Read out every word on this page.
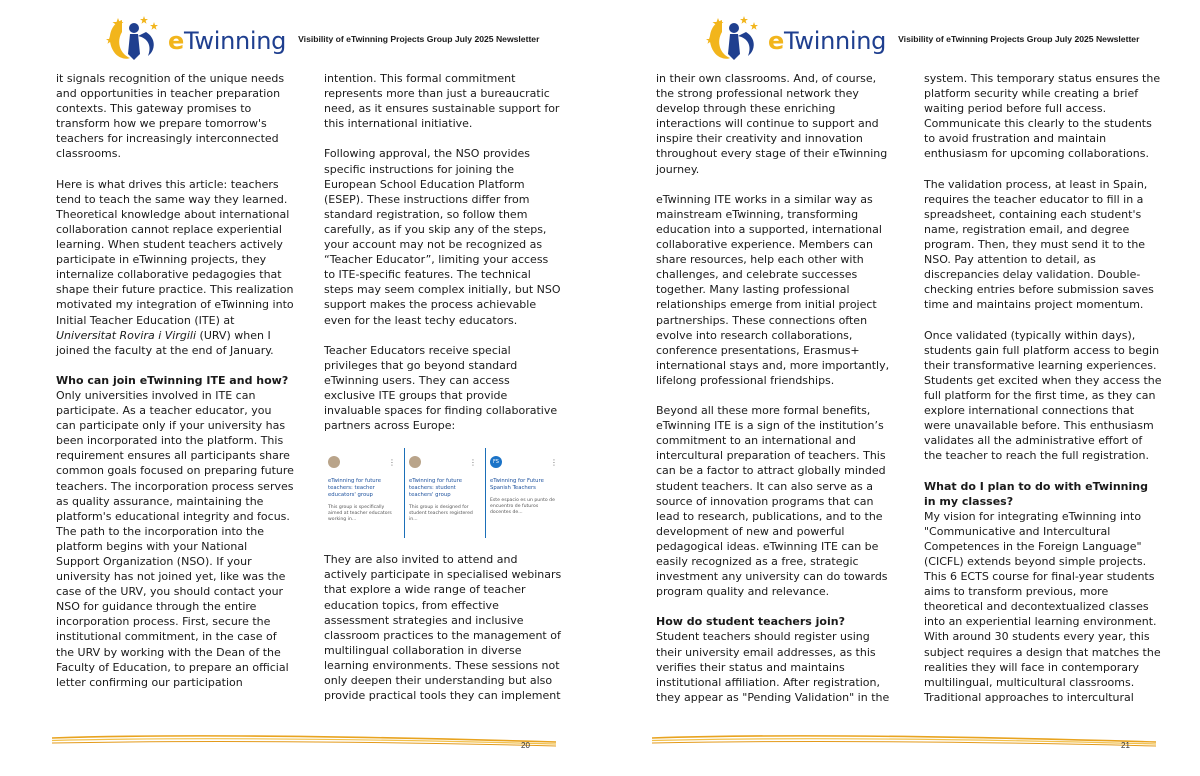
eTwinning Visibility of eTwinning Projects Group July 2025 Newsletter

it signals recognition of the unique needs and opportunities in teacher preparation contexts. This gateway promises to transform how we prepare tomorrow's teachers for increasingly interconnected classrooms.

Here is what drives this article: teachers tend to teach the same way they learned. Theoretical knowledge about international collaboration cannot replace experiential learning. When student teachers actively participate in eTwinning projects, they internalize collaborative pedagogies that shape their future practice. This realization motivated my integration of eTwinning into Initial Teacher Education (ITE) at Universitat Rovira i Virgili (URV) when I joined the faculty at the end of January.

Who can join eTwinning ITE and how?

Only universities involved in ITE can participate. As a teacher educator, you can participate only if your university has been incorporated into the platform. This requirement ensures all participants share common goals focused on preparing future teachers. The incorporation process serves as quality assurance, maintaining the platform's educational integrity and focus. The path to the incorporation into the platform begins with your National Support Organization (NSO). If your university has not joined yet, like was the case of the URV, you should contact your NSO for guidance through the entire incorporation process. First, secure the institutional commitment, in the case of the URV by working with the Dean of the Faculty of Education, to prepare an official letter confirming our participation

intention. This formal commitment represents more than just a bureaucratic need, as it ensures sustainable support for this international initiative.

Following approval, the NSO provides specific instructions for joining the European School Education Platform (ESEP). These instructions differ from standard registration, so follow them carefully, as if you skip any of the steps, your account may not be recognized as “Teacher Educator”, limiting your access to ITE-specific features. The technical steps may seem complex initially, but NSO support makes the process achievable even for the least techy educators.

Teacher Educators receive special privileges that go beyond standard eTwinning users. They can access exclusive ITE groups that provide invaluable spaces for finding collaborative partners across Europe:

⋮
eTwinning for future teachers: teacher educators' group
This group is specifically aimed at teacher educators working in...
⋮
eTwinning for future teachers: student teachers' group
This group is designed for student teachers registered in...
FS	⋮
eTwinning for Future Spanish Teachers
Este espacio es un punto de encuentro de futuros docentes de...

They are also invited to attend and actively participate in specialised webinars that explore a wide range of teacher education topics, from effective assessment strategies and inclusive classroom practices to the management of multilingual collaboration in diverse learning environments. These sessions not only deepen their understanding but also provide practical tools they can implement

20
eTwinning Visibility of eTwinning Projects Group July 2025 Newsletter

in their own classrooms. And, of course, the strong professional network they develop through these enriching interactions will continue to support and inspire their creativity and innovation throughout every stage of their eTwinning journey.

eTwinning ITE works in a similar way as mainstream eTwinning, transforming education into a supported, international collaborative experience. Members can share resources, help each other with challenges, and celebrate successes together. Many lasting professional relationships emerge from initial project partnerships. These connections often evolve into research collaborations, conference presentations, Erasmus+ international stays and, more importantly, lifelong professional friendships.

Beyond all these more formal benefits, eTwinning ITE is a sign of the institution’s commitment to an international and intercultural preparation of teachers. This can be a factor to attract globally minded student teachers. It can also serve as a source of innovation programs that can lead to research, publications, and to the development of new and powerful pedagogical ideas. eTwinning ITE can be easily recognized as a free, strategic investment any university can do towards program quality and relevance.

How do student teachers join?

Student teachers should register using their university email addresses, as this verifies their status and maintains institutional affiliation. After registration, they appear as "Pending Validation" in the

system. This temporary status ensures the platform security while creating a brief waiting period before full access. Communicate this clearly to the students to avoid frustration and maintain enthusiasm for upcoming collaborations.

The validation process, at least in Spain, requires the teacher educator to fill in a spreadsheet, containing each student's name, registration email, and degree program. Then, they must send it to the NSO. Pay attention to detail, as discrepancies delay validation. Double-checking entries before submission saves time and maintains project momentum.

Once validated (typically within days), students gain full platform access to begin their transformative learning experiences. Students get excited when they access the full platform for the first time, as they can explore international connections that were unavailable before. This enthusiasm validates all the administrative effort of the teacher to reach the full registration.

What do I plan to do with eTwinning in my classes?

My vision for integrating eTwinning into "Communicative and Intercultural Competences in the Foreign Language" (CICFL) extends beyond simple projects. This 6 ECTS course for final-year students aims to transform previous, more theoretical and decontextualized classes into an experiential learning environment. With around 30 students every year, this subject requires a design that matches the realities they will face in contemporary multilingual, multicultural classrooms. Traditional approaches to intercultural

21
